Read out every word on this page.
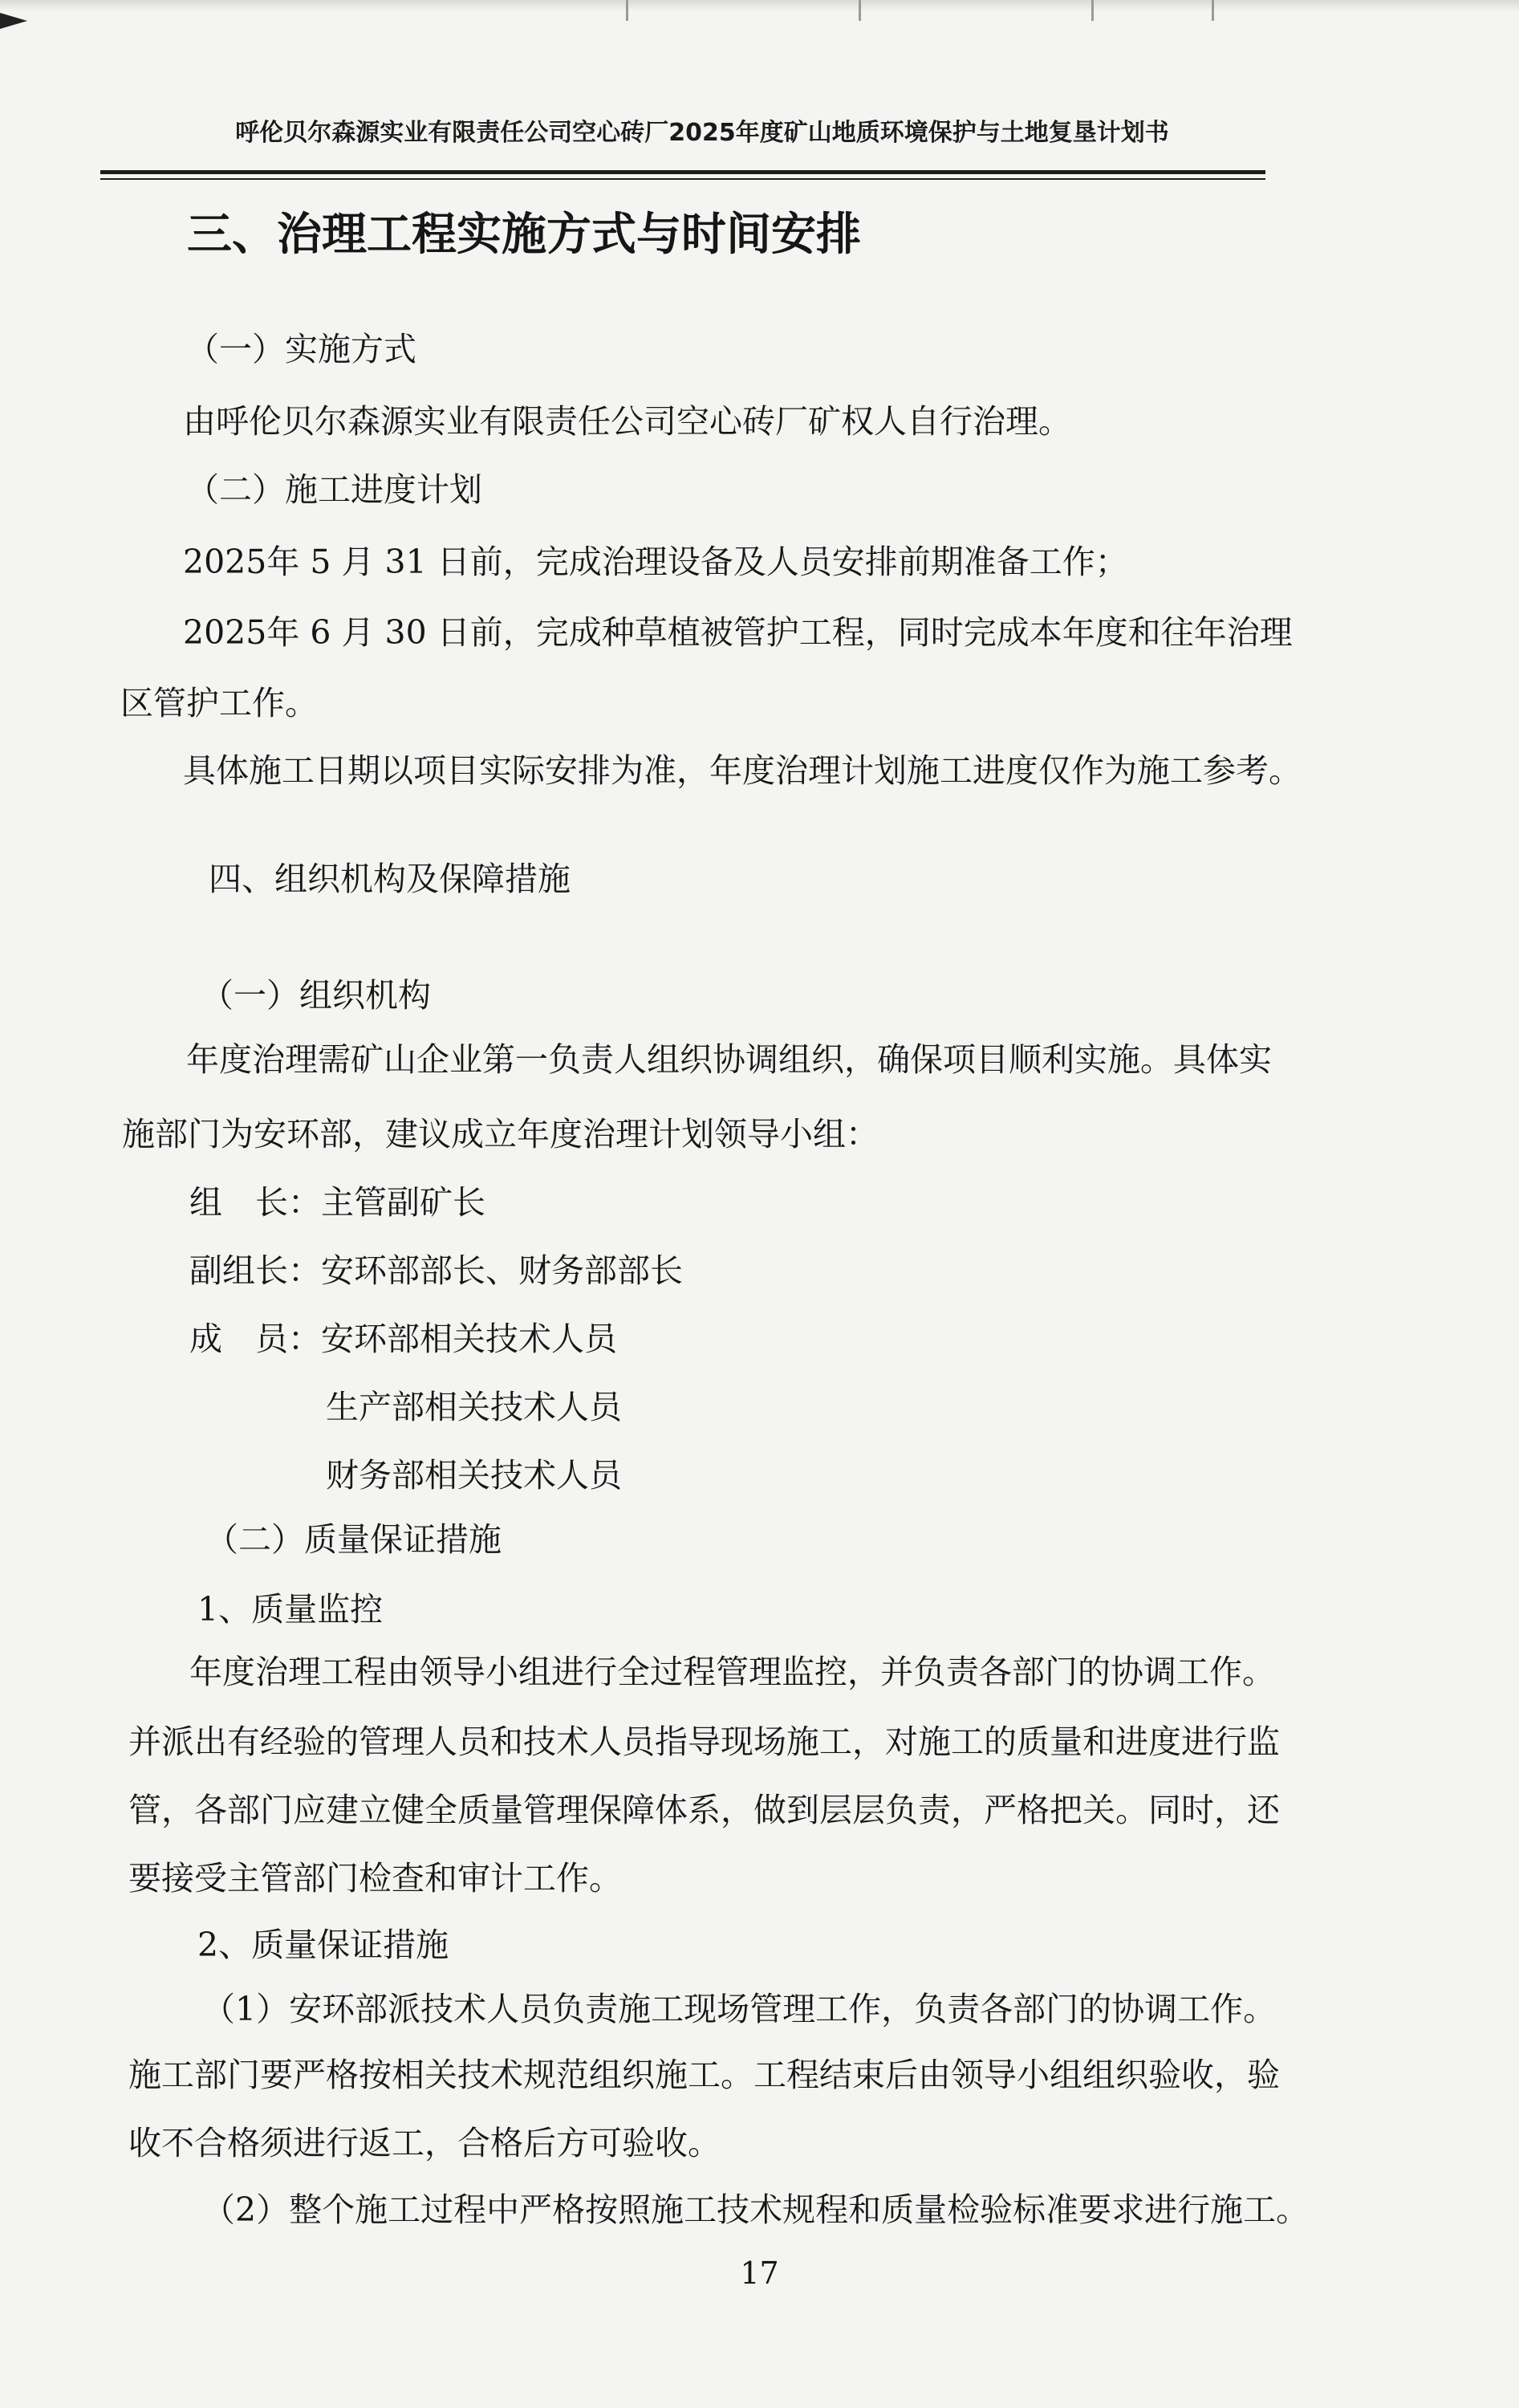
呼伦贝尔森源实业有限责任公司空心砖厂2025年度矿山地质环境保护与土地复垦计划书
三、治理工程实施方式与时间安排
（一）实施方式
由呼伦贝尔森源实业有限责任公司空心砖厂矿权人自行治理。
（二）施工进度计划
2025年 5 月 31 日前，完成治理设备及人员安排前期准备工作；
2025年 6 月 30 日前，完成种草植被管护工程，同时完成本年度和往年治理
区管护工作。
具体施工日期以项目实际安排为准，年度治理计划施工进度仅作为施工参考。
四、组织机构及保障措施
（一）组织机构
年度治理需矿山企业第一负责人组织协调组织，确保项目顺利实施。具体实
施部门为安环部，建议成立年度治理计划领导小组：
组　长：主管副矿长
副组长：安环部部长、财务部部长
成　员：安环部相关技术人员
生产部相关技术人员
财务部相关技术人员
（二）质量保证措施
1、质量监控
年度治理工程由领导小组进行全过程管理监控，并负责各部门的协调工作。
并派出有经验的管理人员和技术人员指导现场施工，对施工的质量和进度进行监
管，各部门应建立健全质量管理保障体系，做到层层负责，严格把关。同时，还
要接受主管部门检查和审计工作。
2、质量保证措施
（1）安环部派技术人员负责施工现场管理工作，负责各部门的协调工作。
施工部门要严格按相关技术规范组织施工。工程结束后由领导小组组织验收，验
收不合格须进行返工，合格后方可验收。
（2）整个施工过程中严格按照施工技术规程和质量检验标准要求进行施工。
17
